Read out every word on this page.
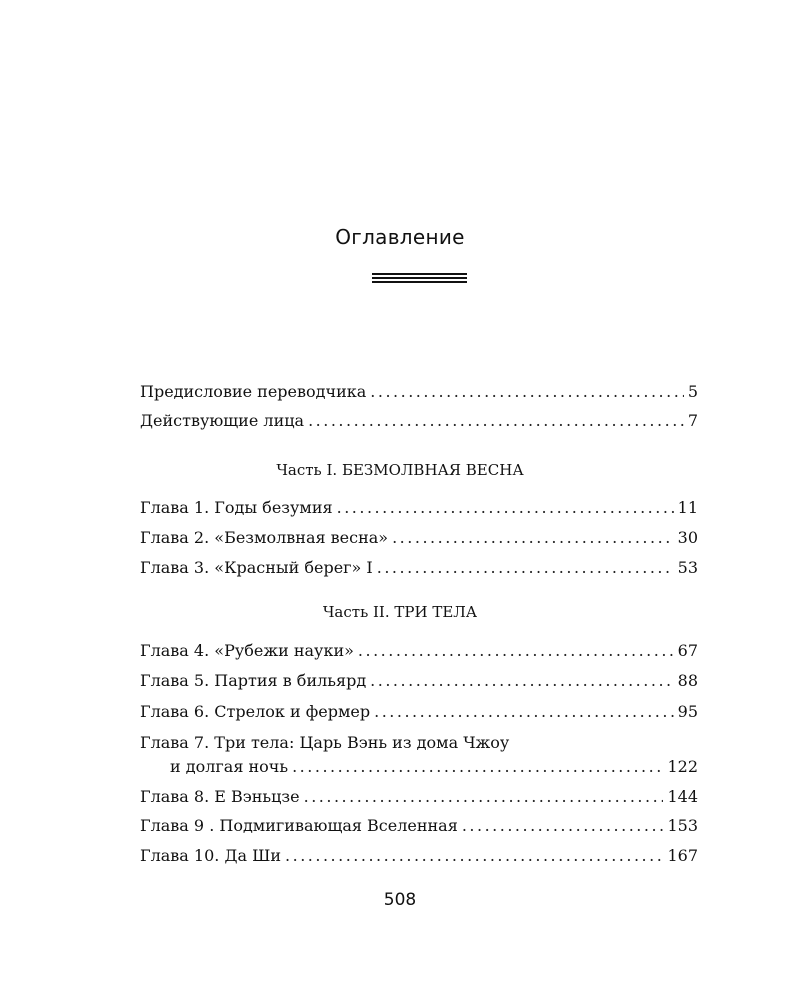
Оглавление
Предисловие переводчика .....	5
Действующие лица .....	7
Часть I. БЕЗМОЛВНАЯ ВЕСНА
Глава 1. Годы безумия .....	11
Глава 2. «Безмолвная весна» .....	30
Глава 3. «Красный берег» I .....	53
Часть II. ТРИ ТЕЛА
Глава 4. «Рубежи науки» .....	67
Глава 5. Партия в бильярд .....	88
Глава 6. Стрелок и фермер .....	95
Глава 7. Три тела: Царь Вэнь из дома Чжоу
и долгая ночь .....	122
Глава 8. Е Вэньцзе .....	144
Глава 9 . Подмигивающая Вселенная .....	153
Глава 10. Да Ши .....	167
508
